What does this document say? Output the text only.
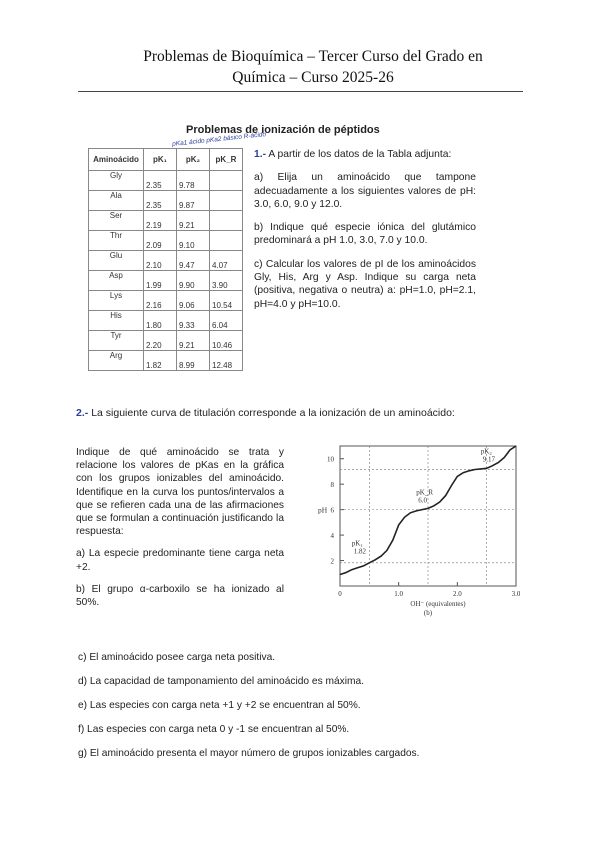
Problemas de Bioquímica – Tercer Curso del Grado en
Química – Curso 2025-26
Problemas de ionización de péptidos
pKa1 ácido pKa2 básico R-ácido
Aminoácido	pK₁	pK₂	pK_R
Gly	2.35	9.78	
Ala	2.35	9.87	
Ser	2.19	9.21	
Thr	2.09	9.10	
Glu	2.10	9.47	4.07
Asp	1.99	9.90	3.90
Lys	2.16	9.06	10.54
His	1.80	9.33	6.04
Tyr	2.20	9.21	10.46
Arg	1.82	8.99	12.48

1.- A partir de los datos de la Tabla adjunta:

a) Elija un aminoácido que tampone adecuadamente a los siguientes valores de pH: 3.0, 6.0, 9.0 y 12.0.

b) Indique qué especie iónica del glutámico predominará a pH 1.0, 3.0, 7.0 y 10.0.

c) Calcular los valores de pI de los aminoácidos Gly, His, Arg y Asp. Indique su carga neta (positiva, negativa o neutra) a: pH=1.0, pH=2.1, pH=4.0 y pH=10.0.

2.- La siguiente curva de titulación corresponde a la ionización de un aminoácido:

Indique de qué aminoácido se trata y relacione los valores de pKas en la gráfica con los grupos ionizables del aminoácido. Identifique en la curva los puntos/intervalos a que se refieren cada una de las afirmaciones que se formulan a continuación justificando la respuesta:

a) La especie predominante tiene carga neta +2.

b) El grupo α-carboxilo se ha ionizado al 50%.

c) El aminoácido posee carga neta positiva.
d) La capacidad de tamponamiento del aminoácido es máxima.
e) Las especies con carga neta +1 y +2 se encuentran al 50%.
f) Las especies con carga neta 0 y -1 se encuentran al 50%.
g) El aminoácido presenta el mayor número de grupos ionizables cargados.
2
4
6
8
10
0	1.0	2.0	3.0
pH
OH⁻ (equivalentes)
(b)
pK₁
1.82
pK_R
6.0
pK₂
9.17
